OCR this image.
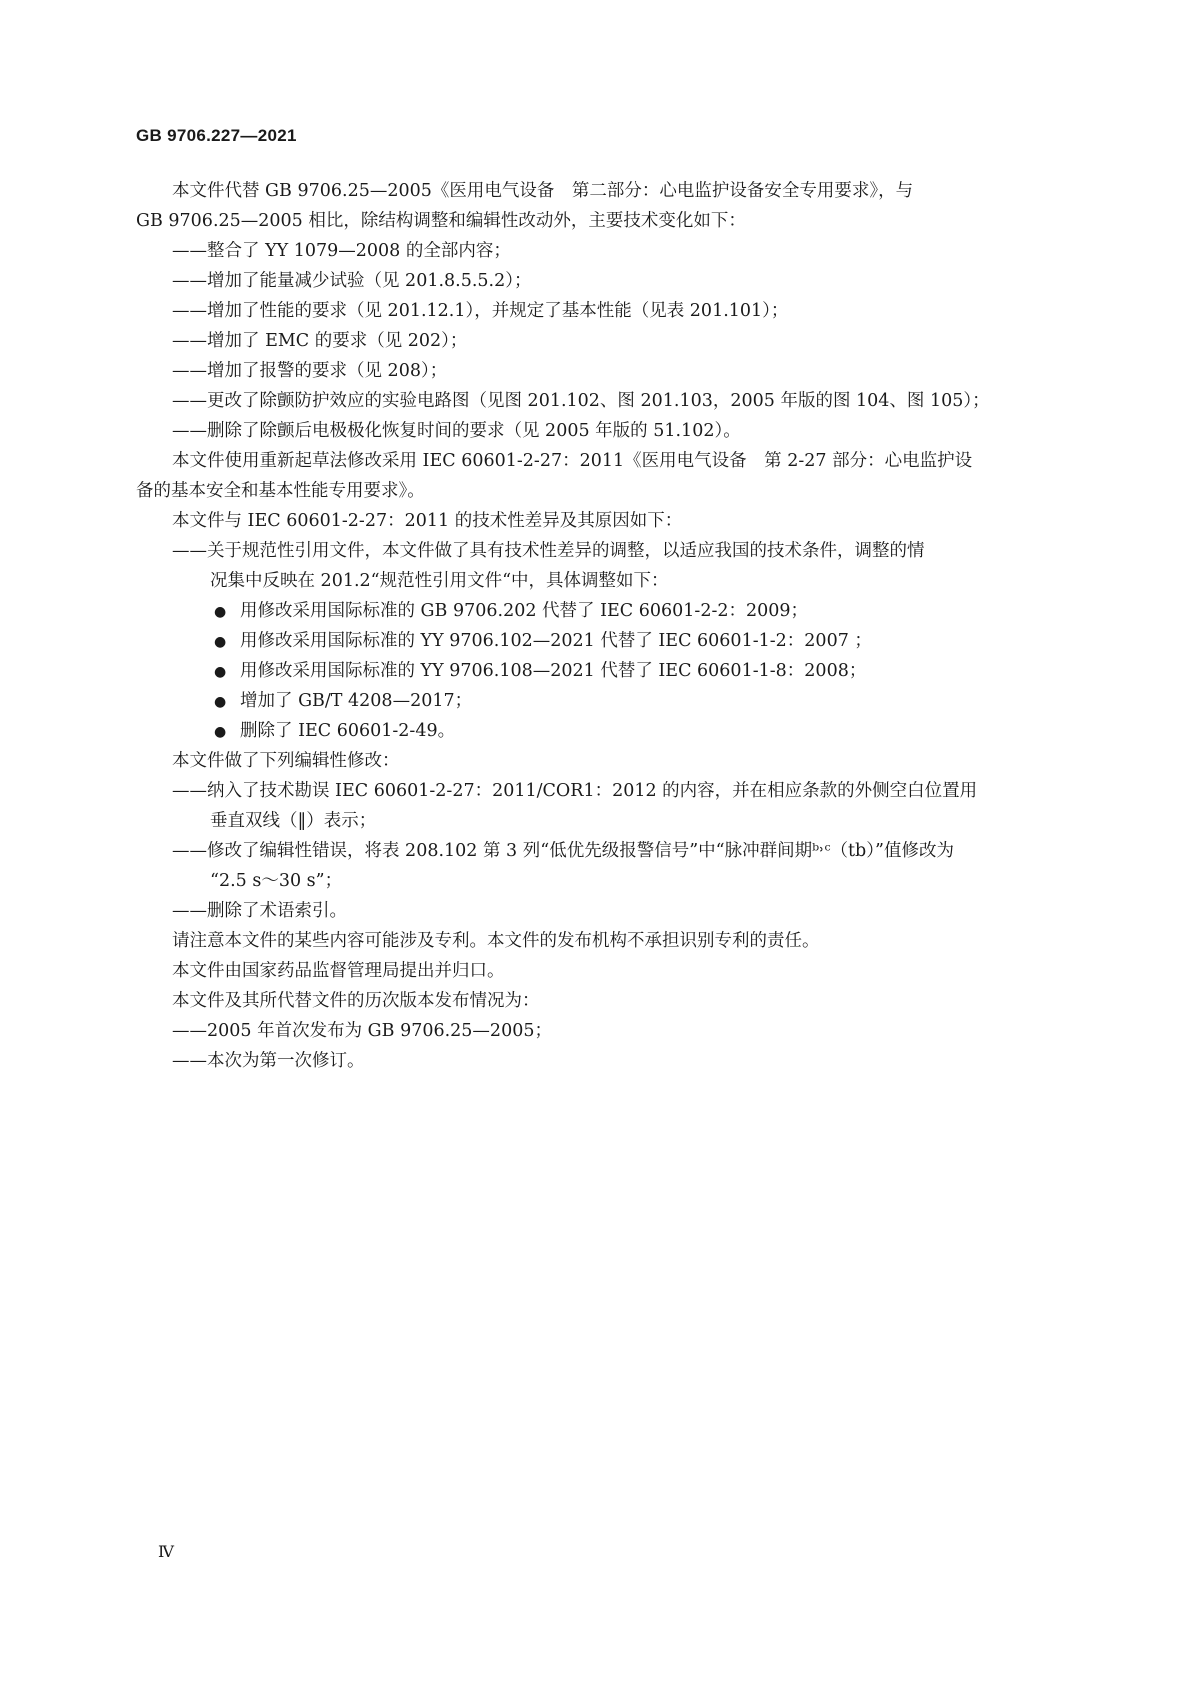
GB 9706.227—2021
本文件代替 GB 9706.25—2005《医用电气设备　第二部分：心电监护设备安全专用要求》，与
GB 9706.25—2005 相比，除结构调整和编辑性改动外，主要技术变化如下：
——整合了 YY 1079—2008 的全部内容；
——增加了能量减少试验（见 201.8.5.5.2）；
——增加了性能的要求（见 201.12.1），并规定了基本性能（见表 201.101）；
——增加了 EMC 的要求（见 202）；
——增加了报警的要求（见 208）；
——更改了除颤防护效应的实验电路图（见图 201.102、图 201.103，2005 年版的图 104、图 105）；
——删除了除颤后电极极化恢复时间的要求（见 2005 年版的 51.102）。
本文件使用重新起草法修改采用 IEC 60601-2-27：2011《医用电气设备　第 2-27 部分：心电监护设
备的基本安全和基本性能专用要求》。
本文件与 IEC 60601-2-27：2011 的技术性差异及其原因如下：
——关于规范性引用文件，本文件做了具有技术性差异的调整，以适应我国的技术条件，调整的情
况集中反映在 201.2“规范性引用文件“中，具体调整如下：
● 用修改采用国际标准的 GB 9706.202 代替了 IEC 60601-2-2：2009；
● 用修改采用国际标准的 YY 9706.102—2021 代替了 IEC 60601-1-2：2007 ；
● 用修改采用国际标准的 YY 9706.108—2021 代替了 IEC 60601-1-8：2008；
● 增加了 GB/T 4208—2017；
● 删除了 IEC 60601-2-49。
本文件做了下列编辑性修改：
——纳入了技术勘误 IEC 60601-2-27：2011/COR1：2012 的内容，并在相应条款的外侧空白位置用
垂直双线（‖）表示；
——修改了编辑性错误，将表 208.102 第 3 列“低优先级报警信号”中“脉冲群间期ᵇ˒ᶜ（tb）”值修改为
“2.5 s～30 s”；
——删除了术语索引。
请注意本文件的某些内容可能涉及专利。本文件的发布机构不承担识别专利的责任。
本文件由国家药品监督管理局提出并归口。
本文件及其所代替文件的历次版本发布情况为：
——2005 年首次发布为 GB 9706.25—2005；
——本次为第一次修订。
Ⅳ
